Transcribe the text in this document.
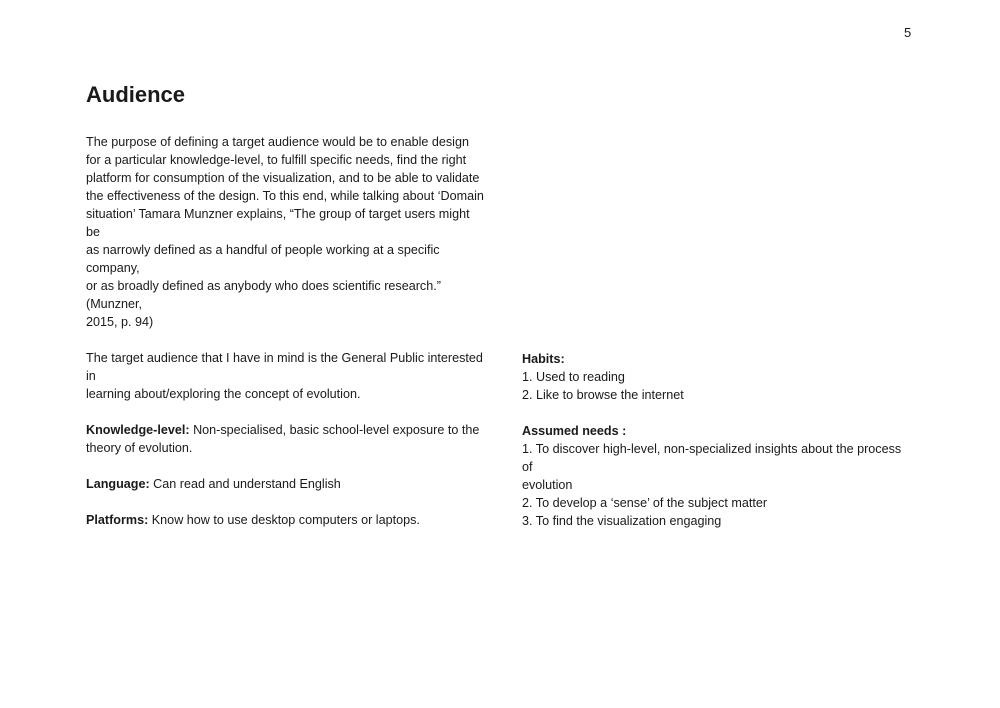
5
Audience

The purpose of defining a target audience would be to enable design
for a particular knowledge-level, to fulfill specific needs, find the right
platform for consumption of the visualization, and to be able to validate
the effectiveness of the design. To this end, while talking about ‘Domain
situation’ Tamara Munzner explains, “The group of target users might be
as narrowly defined as a handful of people working at a specific company,
or as broadly defined as anybody who does scientific research.” (Munzner,
2015, p. 94)

The target audience that I have in mind is the General Public interested in
learning about/exploring the concept of evolution.

Knowledge-level: Non-specialised, basic school-level exposure to the
theory of evolution.

Language: Can read and understand English

Platforms: Know how to use desktop computers or laptops.

Habits:

1. Used to reading
2. Like to browse the internet

Assumed needs :

1. To discover high-level, non-specialized insights about the process of
evolution
2. To develop a ‘sense’ of the subject matter
3. To find the visualization engaging
